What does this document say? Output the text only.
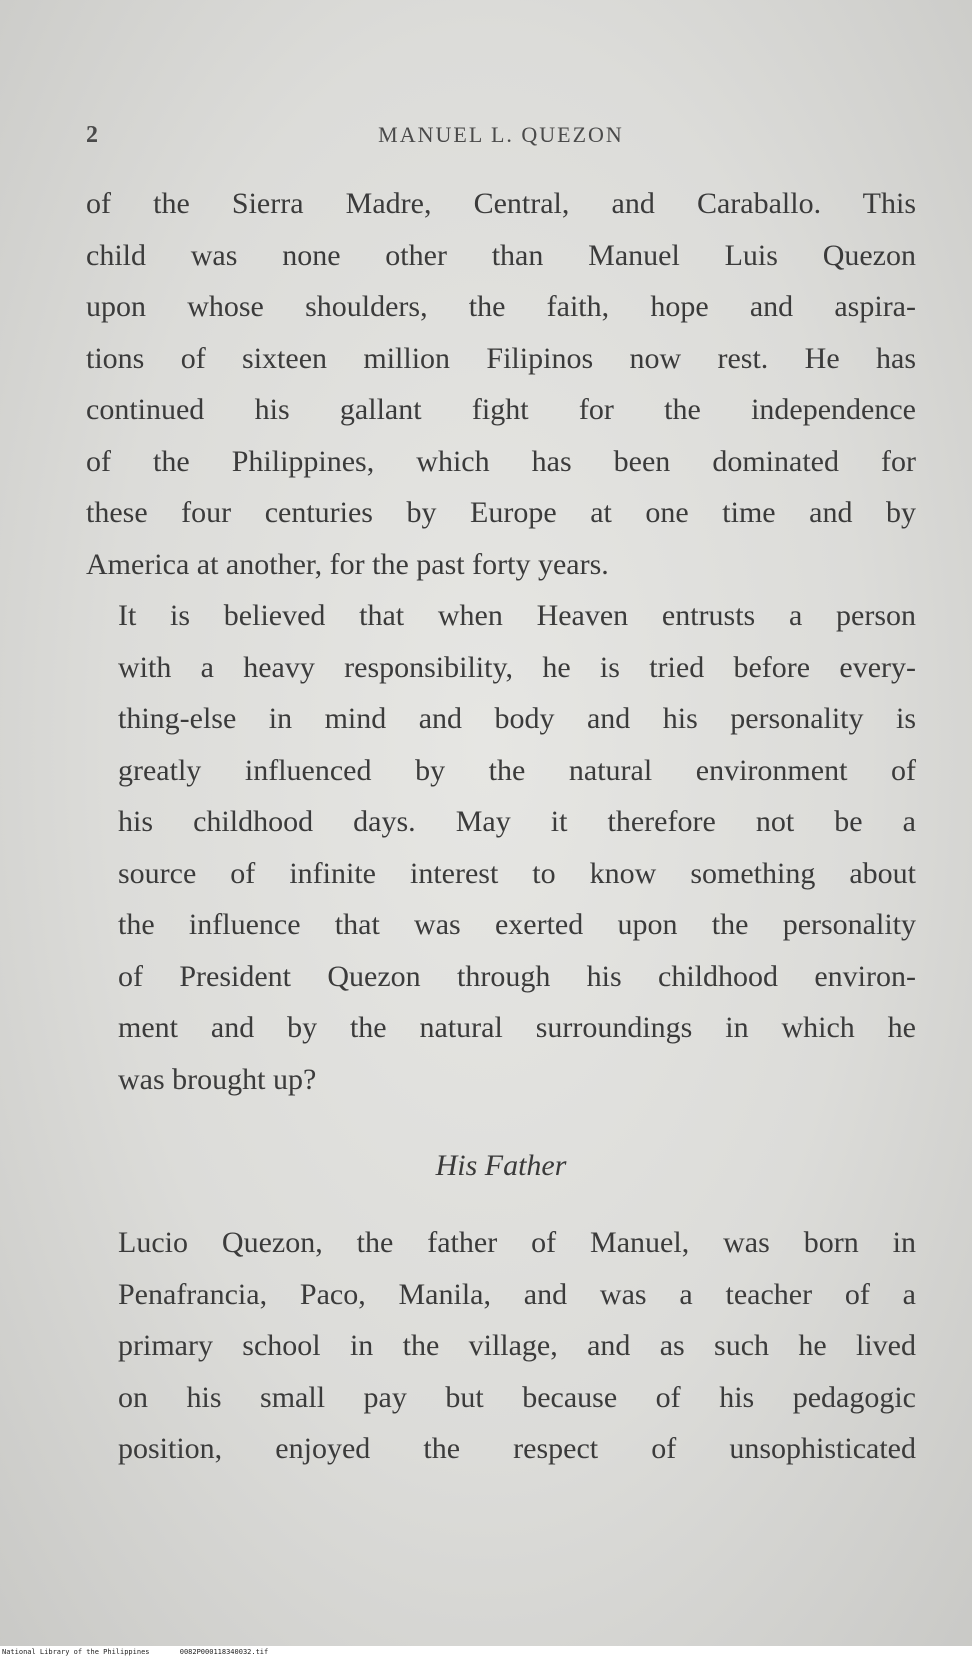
2	MANUEL L. QUEZON

of the Sierra Madre, Central, and Caraballo. This
child was none other than Manuel Luis Quezon
upon whose shoulders, the faith, hope and aspira-
tions of sixteen million Filipinos now rest. He has
continued his gallant fight for the independence
of the Philippines, which has been dominated for
these four centuries by Europe at one time and by
America at another, for the past forty years.

It is believed that when Heaven entrusts a person
with a heavy responsibility, he is tried before every-
thing-else in mind and body and his personality is
greatly influenced by the natural environment of
his childhood days. May it therefore not be a
source of infinite interest to know something about
the influence that was exerted upon the personality
of President Quezon through his childhood environ-
ment and by the natural surroundings in which he
was brought up?

His Father

Lucio Quezon, the father of Manuel, was born in
Penafrancia, Paco, Manila, and was a teacher of a
primary school in the village, and as such he lived
on his small pay but because of his pedagogic
position, enjoyed the respect of unsophisticated

National Library of the Philippines	0082P000118340032.tif
